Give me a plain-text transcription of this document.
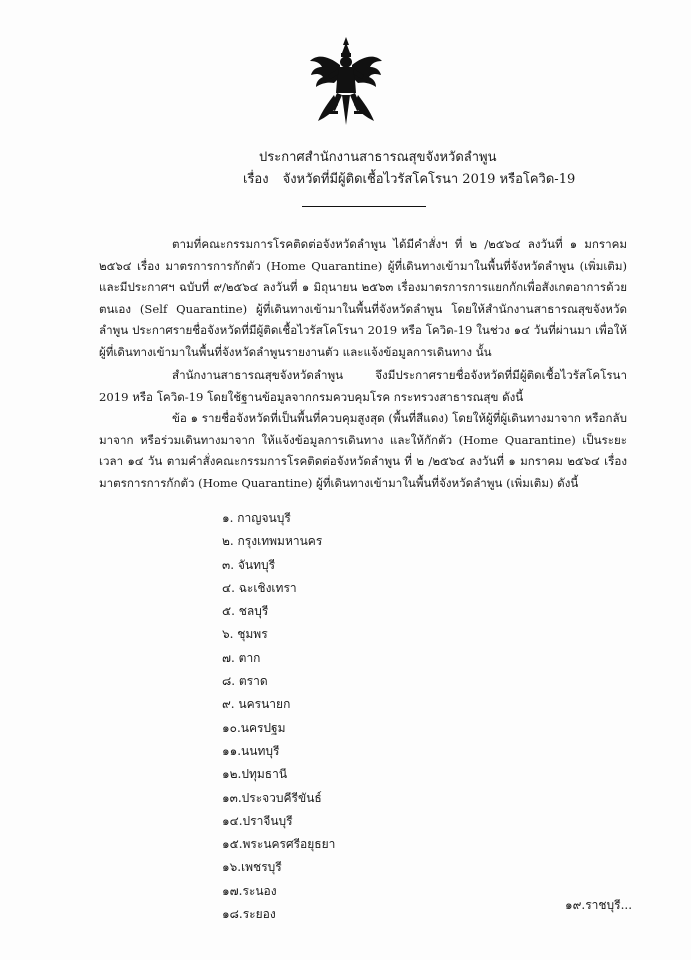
ประกาศสำนักงานสาธารณสุขจังหวัดลำพูน
เรื่อง จังหวัดที่มีผู้ติดเชื้อไวรัสโคโรนา 2019 หรือโควิด-19
ตามที่คณะกรรมการโรคติดต่อจังหวัดลำพูน ได้มีคำสั่งฯ ที่ ๒ /๒๕๖๔ ลงวันที่ ๑ มกราคม ๒๕๖๔ เรื่อง มาตรการการกักตัว (Home Quarantine) ผู้ที่เดินทางเข้ามาในพื้นที่จังหวัดลำพูน (เพิ่มเติม) และมีประกาศฯ ฉบับที่ ๙/๒๕๖๔ ลงวันที่ ๑ มิถุนายน ๒๕๖๓ เรื่องมาตรการการแยกกักเพื่อสังเกตอาการด้วยตนเอง (Self Quarantine) ผู้ที่เดินทางเข้ามาในพื้นที่จังหวัดลำพูน โดยให้สำนักงานสาธารณสุขจังหวัดลำพูน ประกาศรายชื่อจังหวัดที่มีผู้ติดเชื้อไวรัสโคโรนา 2019 หรือ โควิด-19 ในช่วง ๑๔ วันที่ผ่านมา เพื่อให้ผู้ที่เดินทางเข้ามาในพื้นที่จังหวัดลำพูนรายงานตัว และแจ้งข้อมูลการเดินทาง นั้น
สำนักงานสาธารณสุขจังหวัดลำพูน จึงมีประกาศรายชื่อจังหวัดที่มีผู้ติดเชื้อไวรัสโคโรนา 2019 หรือ โควิด-19 โดยใช้ฐานข้อมูลจากกรมควบคุมโรค กระทรวงสาธารณสุข ดังนี้
ข้อ ๑ รายชื่อจังหวัดที่เป็นพื้นที่ควบคุมสูงสุด (พื้นที่สีแดง) โดยให้ผู้ที่ผู้เดินทางมาจาก หรือกลับมาจาก หรือร่วมเดินทางมาจาก ให้แจ้งข้อมูลการเดินทาง และให้กักตัว (Home Quarantine) เป็นระยะเวลา ๑๔ วัน ตามคำสั่งคณะกรรมการโรคติดต่อจังหวัดลำพูน ที่ ๒ /๒๕๖๔ ลงวันที่ ๑ มกราคม ๒๕๖๔ เรื่อง มาตรการการกักตัว (Home Quarantine) ผู้ที่เดินทางเข้ามาในพื้นที่จังหวัดลำพูน (เพิ่มเติม) ดังนี้
๑. กาญจนบุรี
๒. กรุงเทพมหานคร
๓. จันทบุรี
๔. ฉะเชิงเทรา
๕. ชลบุรี
๖. ชุมพร
๗. ตาก
๘. ตราด
๙. นครนายก
๑๐.นครปฐม
๑๑.นนทบุรี
๑๒.ปทุมธานี
๑๓.ประจวบคีรีขันธ์
๑๔.ปราจีนบุรี
๑๕.พระนครศรีอยุธยา
๑๖.เพชรบุรี
๑๗.ระนอง
๑๘.ระยอง
๑๙.ราชบุรี...
